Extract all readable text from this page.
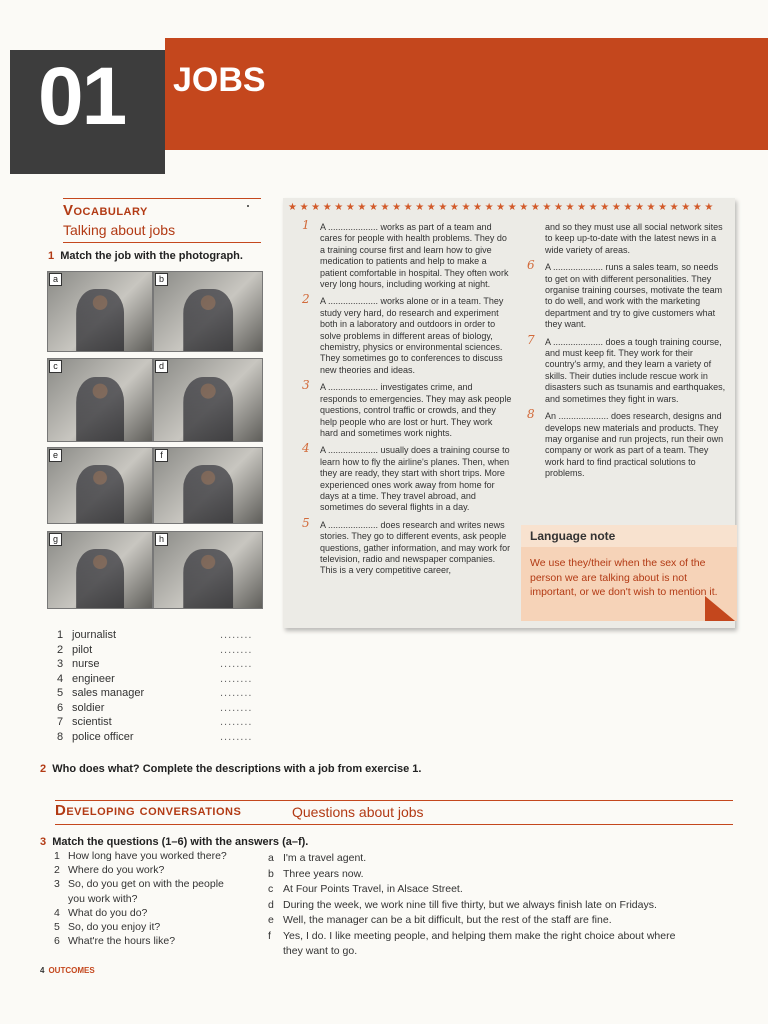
01 JOBS
Vocabulary
Talking about jobs
1 Match the job with the photograph.
a	b
c	d
e	f
g	h
1 journalist	........
2 pilot	........
3 nurse	........
4 engineer	........
5 sales manager	........
6 soldier	........
7 scientist	........
8 police officer	........
2 Who does what? Complete the descriptions with a job from exercise 1.
★★★★★★★★★★★★★★★★★★★★★★★★★★★★★★★★★★★★★

1 A .................... works as part of a team and cares for people with health problems. They do a training course first and learn how to give medication to patients and help to make a patient comfortable in hospital. They often work very long hours, including working at night.

2 A .................... works alone or in a team. They study very hard, do research and experiment both in a laboratory and outdoors in order to solve problems in different areas of biology, chemistry, physics or environmental sciences. They sometimes go to conferences to discuss new theories and ideas.

3 A .................... investigates crime, and responds to emergencies. They may ask people questions, control traffic or crowds, and they help people who are lost or hurt. They work hard and sometimes work nights.

4 A .................... usually does a training course to learn how to fly the airline's planes. Then, when they are ready, they start with short trips. More experienced ones work away from home for days at a time. They travel abroad, and sometimes do several flights in a day.

5 A .................... does research and writes news stories. They go to different events, ask people questions, gather information, and may work for television, radio and newspaper companies. This is a very competitive career,

and so they must use all social network sites to keep up-to-date with the latest news in a wide variety of areas.

6 A .................... runs a sales team, so needs to get on with different personalities. They organise training courses, motivate the team to do well, and work with the marketing department and try to give customers what they want.

7 A .................... does a tough training course, and must keep fit. They work for their country's army, and they learn a variety of skills. Their duties include rescue work in disasters such as tsunamis and earthquakes, and sometimes they fight in wars.

8 An .................... does research, designs and develops new materials and products. They may organise and run projects, run their own company or work as part of a team. They work hard to find practical solutions to problems.

Language note
We use they/their when the sex of the person we are talking about is not important, or we don't wish to mention it.
Developing conversations	Questions about jobs
3 Match the questions (1–6) with the answers (a–f).
1 How long have you worked there?
2 Where do you work?
3 So, do you get on with the people
you work with?
4 What do you do?
5 So, do you enjoy it?
6 What're the hours like?
a I'm a travel agent.
b Three years now.
c At Four Points Travel, in Alsace Street.
d During the week, we work nine till five thirty, but we always finish late on Fridays.
e Well, the manager can be a bit difficult, but the rest of the staff are fine.
f	Yes, I do. I like meeting people, and helping them make the right choice about where
they want to go.
4 OUTCOMES
